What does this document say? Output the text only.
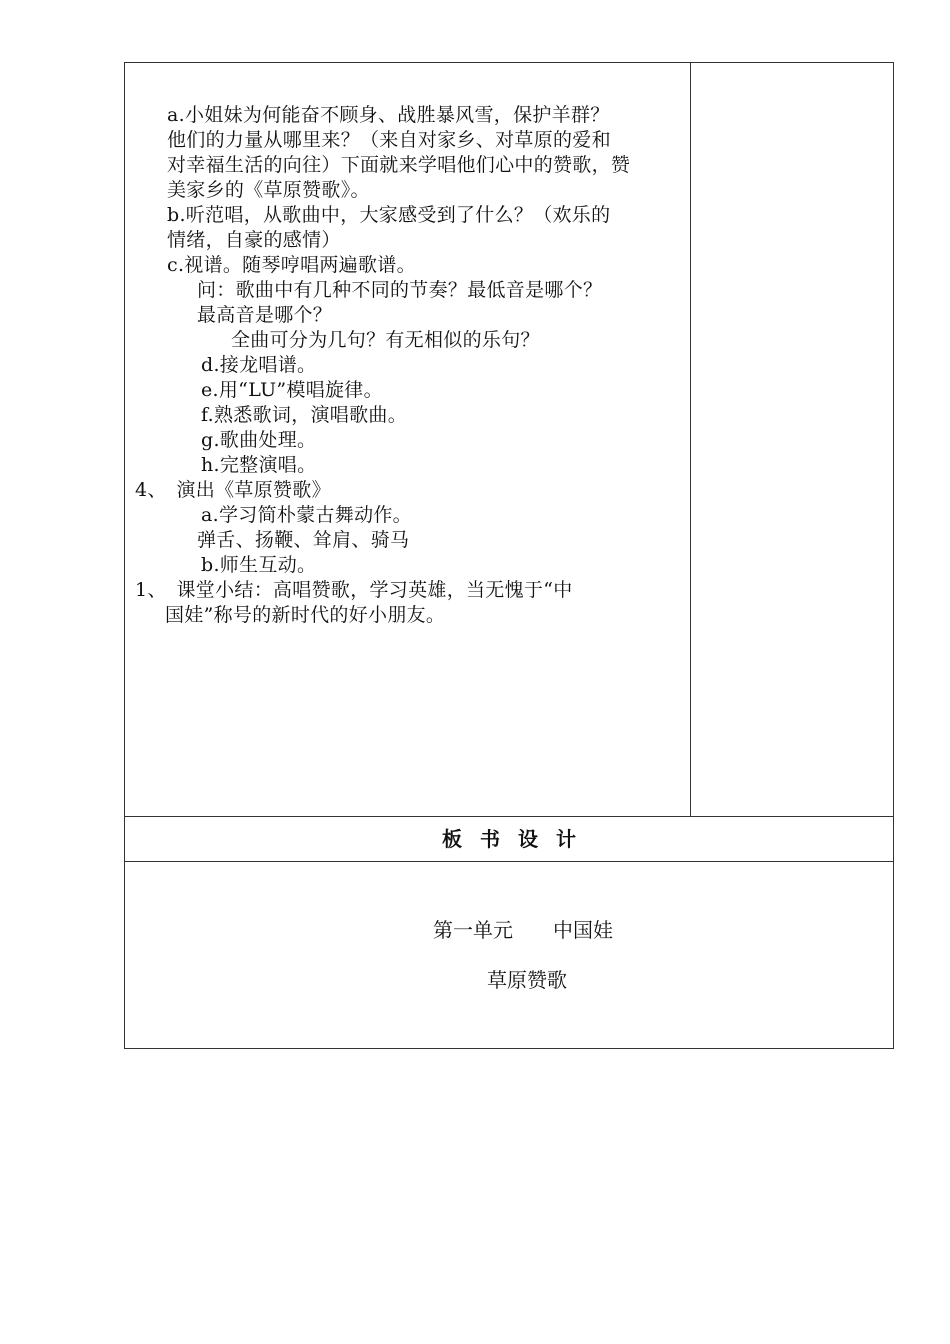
a.小姐妹为何能奋不顾身、战胜暴风雪，保护羊群？
他们的力量从哪里来？（来自对家乡、对草原的爱和
对幸福生活的向往）下面就来学唱他们心中的赞歌，赞
美家乡的《草原赞歌》。
b.听范唱，从歌曲中，大家感受到了什么？（欢乐的
情绪，自豪的感情）
c.视谱。随琴哼唱两遍歌谱。
问：歌曲中有几种不同的节奏？最低音是哪个？
最高音是哪个？
全曲可分为几句？有无相似的乐句？
d.接龙唱谱。
e.用“LU”模唱旋律。
f.熟悉歌词，演唱歌曲。
g.歌曲处理。
h.完整演唱。
4、　演出《草原赞歌》
a.学习简朴蒙古舞动作。
弹舌、扬鞭、耸肩、骑马
b.师生互动。
1、　课堂小结：高唱赞歌，学习英雄，当无愧于“中
国娃”称号的新时代的好小朋友。
板书设计
第一单元　　中国娃
草原赞歌
